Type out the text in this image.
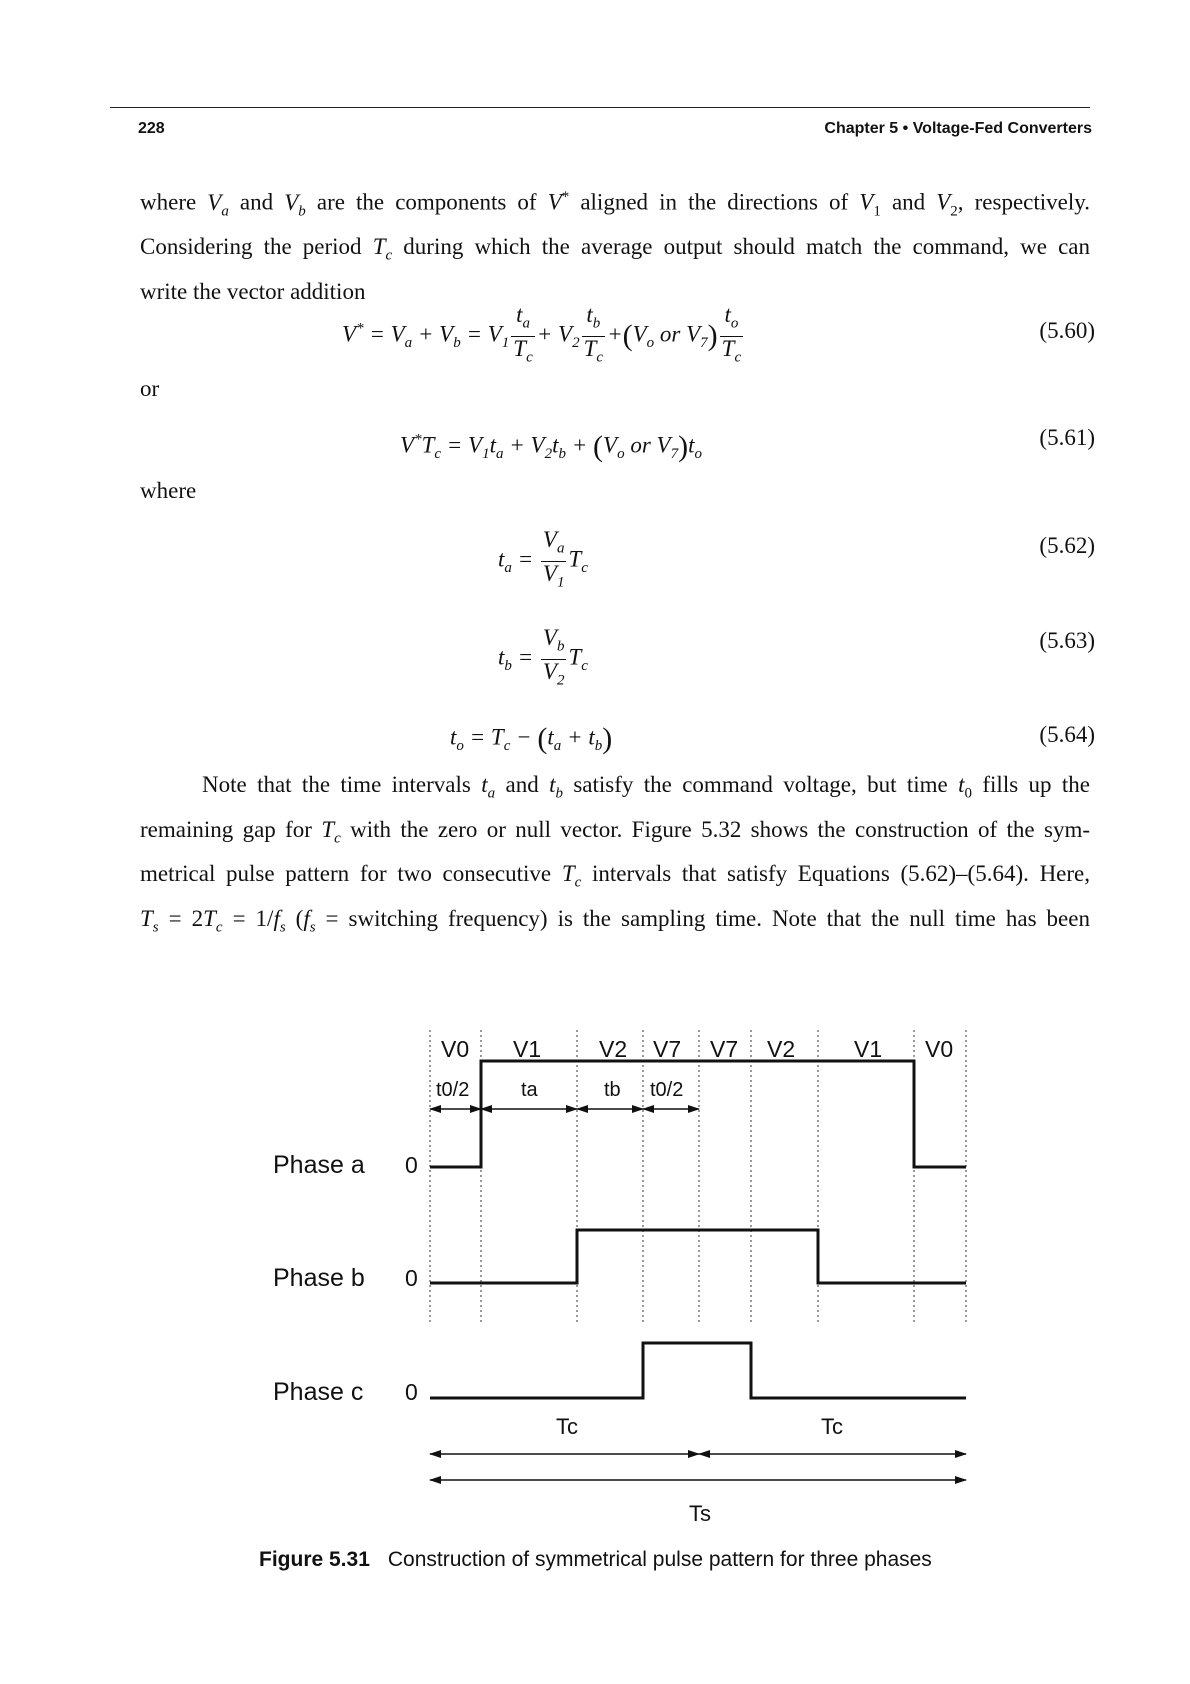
228	Chapter 5 • Voltage-Fed Converters
where $V_a$ and $V_b$ are the components of V* aligned in the directions of $V_1$ and $V_2$, respectively.
Considering the period $T_c$ during which the average output should match the command, we can
write the vector addition
$V^* = V_a + V_b = V_1 \frac{t_a}{T_c} + V_2 \frac{t_b}{T_c} +(V_o$ or $V_7) \frac{t_o}{T_c}$	(5.60)
or
$V^*T_c = V_1t_a + V_2t_b + (V_o$ or $V_7)t_o$
(5.61)
where
$t_a = \frac{V_a}{V_1} T_c$
(5.62)
$t_b = \frac{V_b}{V_2} T_c$
(5.63)
$t_o = T_c - (t_a + t_b)$	(5.64)
Note that the time intervals $t_a$ and $t_b$ satisfy the command voltage, but time $t_0$ fills up the
remaining gap for $T_c$ with the zero or null vector. Figure 5.32 shows the construction of the sym-
metrical pulse pattern for two consecutive $T_c$ intervals that satisfy Equations (5.62)–(5.64). Here,
$T_s = 2T_c = 1/f_s$ ($f_s$ = switching frequency) is the sampling time. Note that the null time has been
V0 V1	V2 V7 V7 V2	V1 V0
t0/2	ta	tb t0/2
Phase a
Phase b
Phase c
0
0
0
Tc	Tc
Ts
Figure 5.31 Construction of symmetrical pulse pattern for three phases
